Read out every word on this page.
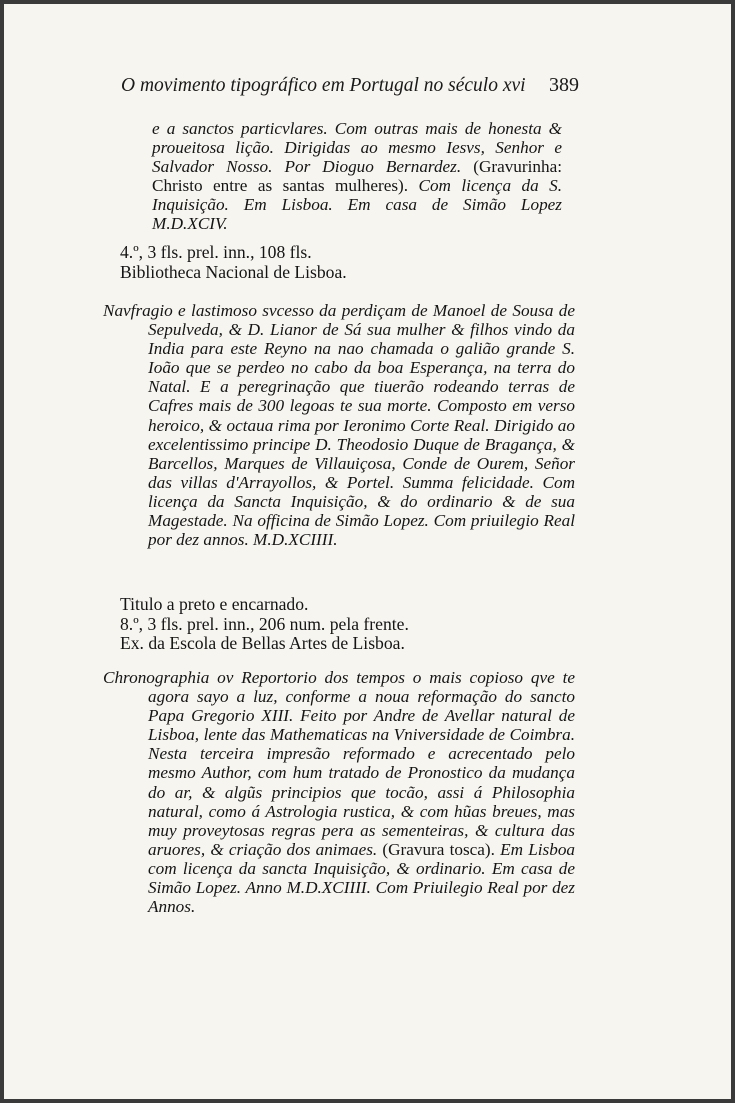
O movimento tipográfico em Portugal no século xvi	389

e a sanctos particvlares. Com outras mais de honesta & proueitosa lição. Dirigidas ao mesmo Iesvs, Senhor e Salvador Nosso. Por Dioguo Bernardez. (Gravurinha: Christo entre as santas mulheres). Com licença da S. Inquisição. Em Lisboa. Em casa de Simão Lopez M.D.XCIV.

4.º, 3 fls. prel. inn., 108 fls.

Bibliotheca Nacional de Lisboa.

Navfragio e lastimoso svcesso da perdiçam de Manoel de Sousa de Sepulveda, & D. Lianor de Sá sua mulher & filhos vindo da India para este Reyno na nao chamada o galião grande S. Ioão que se perdeo no cabo da boa Esperança, na terra do Natal. E a peregrinação que tiuerão rodeando terras de Cafres mais de 300 legoas te sua morte. Composto em verso heroico, & octaua rima por Ieronimo Corte Real. Dirigido ao excelentissimo principe D. Theodosio Duque de Bragança, & Barcellos, Marques de Villauiçosa, Conde de Ourem, Señor das villas d'Arrayollos, & Portel. Summa felicidade. Com licença da Sancta Inquisição, & do ordinario & de sua Magestade. Na officina de Simão Lopez. Com priuilegio Real por dez annos. M.D.XCIIII.

Titulo a preto e encarnado.

8.º, 3 fls. prel. inn., 206 num. pela frente.

Ex. da Escola de Bellas Artes de Lisboa.

Chronographia ov Reportorio dos tempos o mais copioso qve te agora sayo a luz, conforme a noua reformação do sancto Papa Gregorio XIII. Feito por Andre de Avellar natural de Lisboa, lente das Mathematicas na Vniversidade de Coimbra. Nesta terceira impresão reformado e acrecentado pelo mesmo Author, com hum tratado de Pronostico da mudança do ar, & algũs principios que tocão, assi á Philosophia natural, como á Astrologia rustica, & com hũas breues, mas muy proveytosas regras pera as sementeiras, & cultura das aruores, & criação dos animaes. (Gravura tosca). Em Lisboa com licença da sancta Inquisição, & ordinario. Em casa de Simão Lopez. Anno M.D.XCIIII. Com Priuilegio Real por dez Annos.
